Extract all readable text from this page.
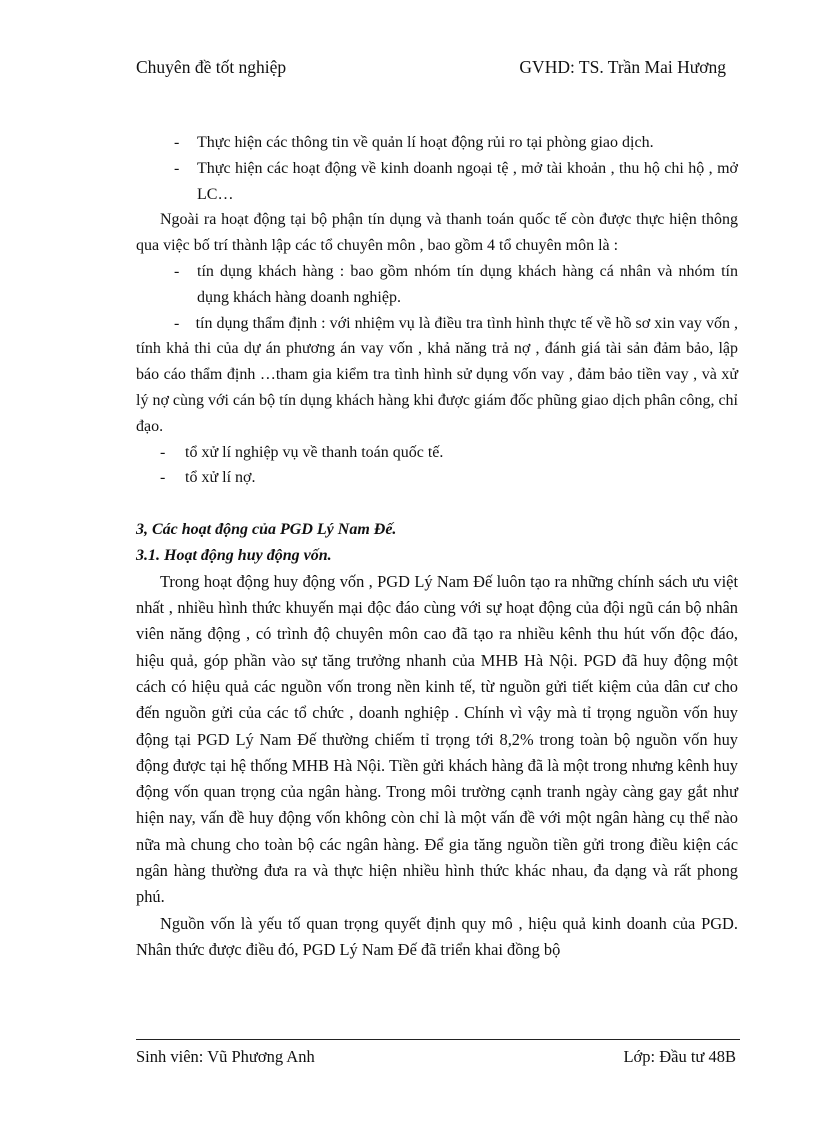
Chuyên đề tốt nghiệp	GVHD: TS. Trần Mai Hương
- Thực hiện các thông tin về quản lí hoạt động rủi ro tại phòng giao dịch.
- Thực hiện các hoạt động về kinh doanh ngoại tệ , mở tài khoản , thu hộ chi hộ , mở LC…

Ngoài ra hoạt động tại bộ phận tín dụng và thanh toán quốc tế còn được thực hiện thông qua việc bố trí thành lập các tổ chuyên môn , bao gồm 4 tổ chuyên môn là :

- tín dụng khách hàng : bao gồm nhóm tín dụng khách hàng cá nhân và nhóm tín dụng khách hàng doanh nghiệp.

-    tín dụng thẩm định : với nhiệm vụ là điều tra tình hình thực tế về hồ sơ xin vay vốn , tính khả thi của dự án phương án vay vốn , khả năng trả nợ , đánh giá tài sản đảm bảo, lập báo cáo thẩm định …tham gia kiểm tra tình hình sử dụng vốn vay , đảm bảo tiền vay , và xử lý nợ cùng với cán bộ tín dụng khách hàng khi được giám đốc phũng giao dịch phân công, chỉ đạo.

- tổ xử lí nghiệp vụ về thanh toán quốc tế.
- tổ xử lí nợ.

3, Các hoạt động của PGD Lý Nam Đế.

3.1. Hoạt động huy động vốn.

Trong hoạt động huy động vốn , PGD Lý Nam Đế luôn tạo ra những chính sách ưu việt nhất , nhiều hình thức khuyến mại độc đáo cùng với sự hoạt động của đội ngũ cán bộ nhân viên năng động , có trình độ chuyên môn cao đã tạo ra nhiều kênh thu hút vốn độc đáo, hiệu quả, góp phần vào sự tăng trưởng nhanh của MHB Hà Nội. PGD đã huy động một cách có hiệu quả các nguồn vốn trong nền kinh tế, từ nguồn gửi tiết kiệm của dân cư cho đến nguồn gửi của các tổ chức , doanh nghiệp . Chính vì vậy mà tỉ trọng nguồn vốn huy động tại PGD Lý Nam Đế thường chiếm tỉ trọng tới 8,2% trong toàn bộ nguồn vốn huy động được tại hệ thống MHB Hà Nội. Tiền gửi khách hàng đã là một trong nhưng kênh huy động vốn quan trọng của ngân hàng. Trong môi trường cạnh tranh ngày càng gay gắt như hiện nay, vấn đề huy động vốn không còn chỉ là một vấn đề với một ngân hàng cụ thể nào nữa mà chung cho toàn bộ các ngân hàng. Để gia tăng nguồn tiền gửi trong điều kiện các ngân hàng thường đưa ra và thực hiện nhiều hình thức khác nhau, đa dạng và rất phong phú.

Nguồn vốn là yếu tố quan trọng quyết định quy mô , hiệu quả kinh doanh của PGD. Nhân thức được điều đó, PGD Lý Nam Đế đã triển khai đồng bộ

Sinh viên: Vũ Phương Anh	Lớp: Đầu tư 48B
